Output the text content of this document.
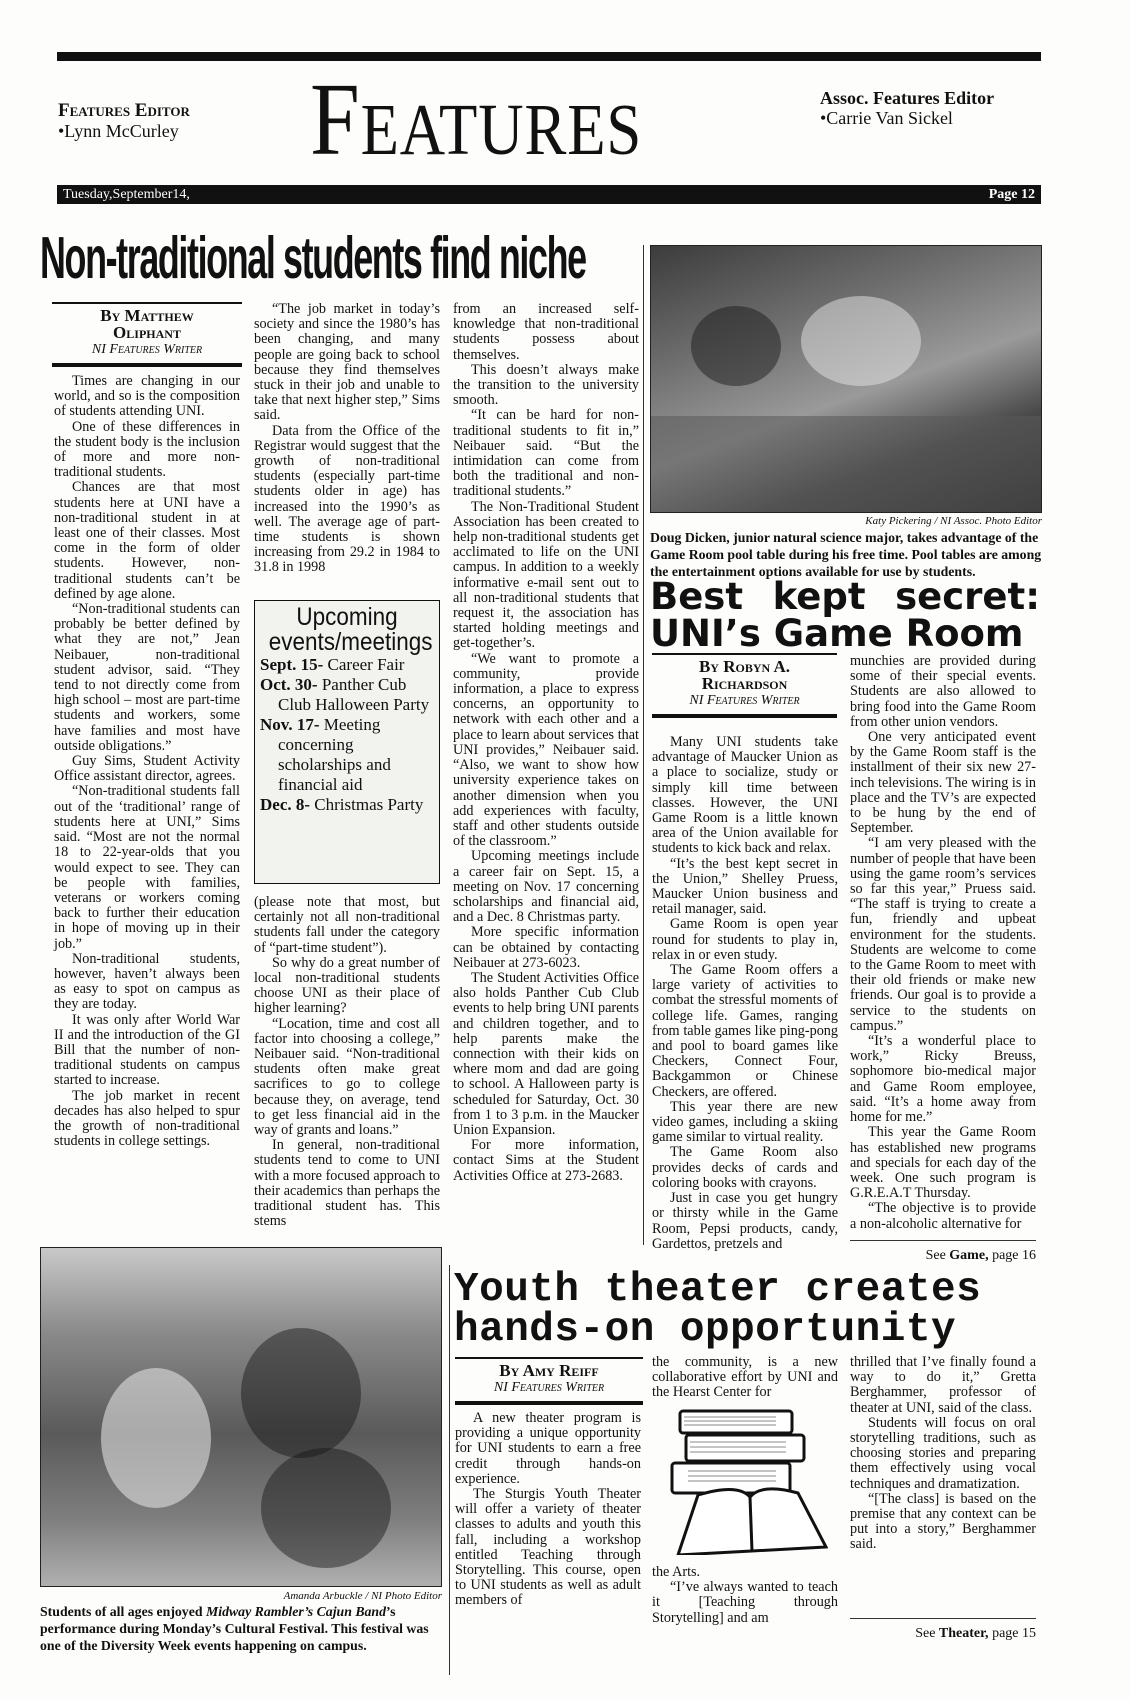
Features Editor
•Lynn McCurley Features	Assoc. Features Editor
•Carrie Van Sickel
Tuesday,September14,	Page 12
Non-traditional students find niche
By Matthew
Oliphant
NI Features Writer

Times are changing in our world, and so is the composition of students attending UNI.

One of these differences in the student body is the inclusion of more and more non-traditional students.

Chances are that most students here at UNI have a non-traditional student in at least one of their classes. Most come in the form of older students. However, non-traditional students can’t be defined by age alone.

“Non-traditional students can probably be better defined by what they are not,” Jean Neibauer, non-traditional student advisor, said. “They tend to not directly come from high school – most are part-time students and workers, some have families and most have outside obligations.”

Guy Sims, Student Activity Office assistant director, agrees.

“Non-traditional students fall out of the ‘traditional’ range of students here at UNI,” Sims said. “Most are not the normal 18 to 22-year-olds that you would expect to see. They can be people with families, veterans or workers coming back to further their education in hope of moving up in their job.”

Non-traditional students, however, haven’t always been as easy to spot on campus as they are today.

It was only after World War II and the introduction of the GI Bill that the number of non-traditional students on campus started to increase.

The job market in recent decades has also helped to spur the growth of non-traditional students in college settings.

“The job market in today’s society and since the 1980’s has been changing, and many people are going back to school because they find themselves stuck in their job and unable to take that next higher step,” Sims said.

Data from the Office of the Registrar would suggest that the growth of non-traditional students (especially part-time students older in age) has increased into the 1990’s as well. The average age of part-time students is shown increasing from 29.2 in 1984 to 31.8 in 1998

Upcoming
events/meetings
Sept. 15- Career Fair
Oct. 30- Panther Cub Club Halloween Party
Nov. 17- Meeting concerning scholarships and financial aid
Dec. 8- Christmas Party

(please note that most, but certainly not all non-traditional students fall under the category of “part-time student”).

So why do a great number of local non-traditional students choose UNI as their place of higher learning?

“Location, time and cost all factor into choosing a college,” Neibauer said. “Non-traditional students often make great sacrifices to go to college because they, on average, tend to get less financial aid in the way of grants and loans.”

In general, non-traditional students tend to come to UNI with a more focused approach to their academics than perhaps the traditional student has. This stems

from an increased self-knowledge that non-traditional students possess about themselves.

This doesn’t always make the transition to the university smooth.

“It can be hard for non-traditional students to fit in,” Neibauer said. “But the intimidation can come from both the traditional and non-traditional students.”

The Non-Traditional Student Association has been created to help non-traditional students get acclimated to life on the UNI campus. In addition to a weekly informative e-mail sent out to all non-traditional students that request it, the association has started holding meetings and get-together’s.

“We want to promote a community, provide information, a place to express concerns, an opportunity to network with each other and a place to learn about services that UNI provides,” Neibauer said. “Also, we want to show how university experience takes on another dimension when you add experiences with faculty, staff and other students outside of the classroom.”

Upcoming meetings include a career fair on Sept. 15, a meeting on Nov. 17 concerning scholarships and financial aid, and a Dec. 8 Christmas party.

More specific information can be obtained by contacting Neibauer at 273-6023.

The Student Activities Office also holds Panther Cub Club events to help bring UNI parents and children together, and to help parents make the connection with their kids on where mom and dad are going to school. A Halloween party is scheduled for Saturday, Oct. 30 from 1 to 3 p.m. in the Maucker Union Expansion.

For more information, contact Sims at the Student Activities Office at 273-2683.

Katy Pickering / NI Assoc. Photo Editor
Doug Dicken, junior natural science major, takes advantage of the Game Room pool table during his free time. Pool tables are among the entertainment options available for use by students.
Best kept secret:
UNI’s Game Room
By Robyn A.
Richardson
NI Features Writer

Many UNI students take advantage of Maucker Union as a place to socialize, study or simply kill time between classes. However, the UNI Game Room is a little known area of the Union available for students to kick back and relax.

“It’s the best kept secret in the Union,” Shelley Pruess, Maucker Union business and retail manager, said.

Game Room is open year round for students to play in, relax in or even study.

The Game Room offers a large variety of activities to combat the stressful moments of college life. Games, ranging from table games like ping-pong and pool to board games like Checkers, Connect Four, Backgammon or Chinese Checkers, are offered.

This year there are new video games, including a skiing game similar to virtual reality.

The Game Room also provides decks of cards and coloring books with crayons.

Just in case you get hungry or thirsty while in the Game Room, Pepsi products, candy, Gardettos, pretzels and

munchies are provided during some of their special events. Students are also allowed to bring food into the Game Room from other union vendors.

One very anticipated event by the Game Room staff is the installment of their six new 27-inch televisions. The wiring is in place and the TV’s are expected to be hung by the end of September.

“I am very pleased with the number of people that have been using the game room’s services so far this year,” Pruess said. “The staff is trying to create a fun, friendly and upbeat environment for the students. Students are welcome to come to the Game Room to meet with their old friends or make new friends. Our goal is to provide a service to the students on campus.”

“It’s a wonderful place to work,” Ricky Breuss, sophomore bio-medical major and Game Room employee, said. “It’s a home away from home for me.”

This year the Game Room has established new programs and specials for each day of the week. One such program is G.R.E.A.T Thursday.

“The objective is to provide a non-alcoholic alternative for

See Game, page 16
Amanda Arbuckle / NI Photo Editor
Students of all ages enjoyed Midway Rambler’s Cajun Band’s performance during Monday’s Cultural Festival. This festival was one of the Diversity Week events happening on campus.
Youth theater creates
hands-on opportunity
By Amy Reiff
NI Features Writer

A new theater program is providing a unique opportunity for UNI students to earn a free credit through hands-on experience.

The Sturgis Youth Theater will offer a variety of theater classes to adults and youth this fall, including a workshop entitled Teaching through Storytelling. This course, open to UNI students as well as adult members of

the community, is a new collaborative effort by UNI and the Hearst Center for

the Arts.

“I’ve always wanted to teach it [Teaching through Storytelling] and am

thrilled that I’ve finally found a way to do it,” Gretta Berghammer, professor of theater at UNI, said of the class.

Students will focus on oral storytelling traditions, such as choosing stories and preparing them effectively using vocal techniques and dramatization.

“[The class] is based on the premise that any context can be put into a story,” Berghammer said.

See Theater, page 15
